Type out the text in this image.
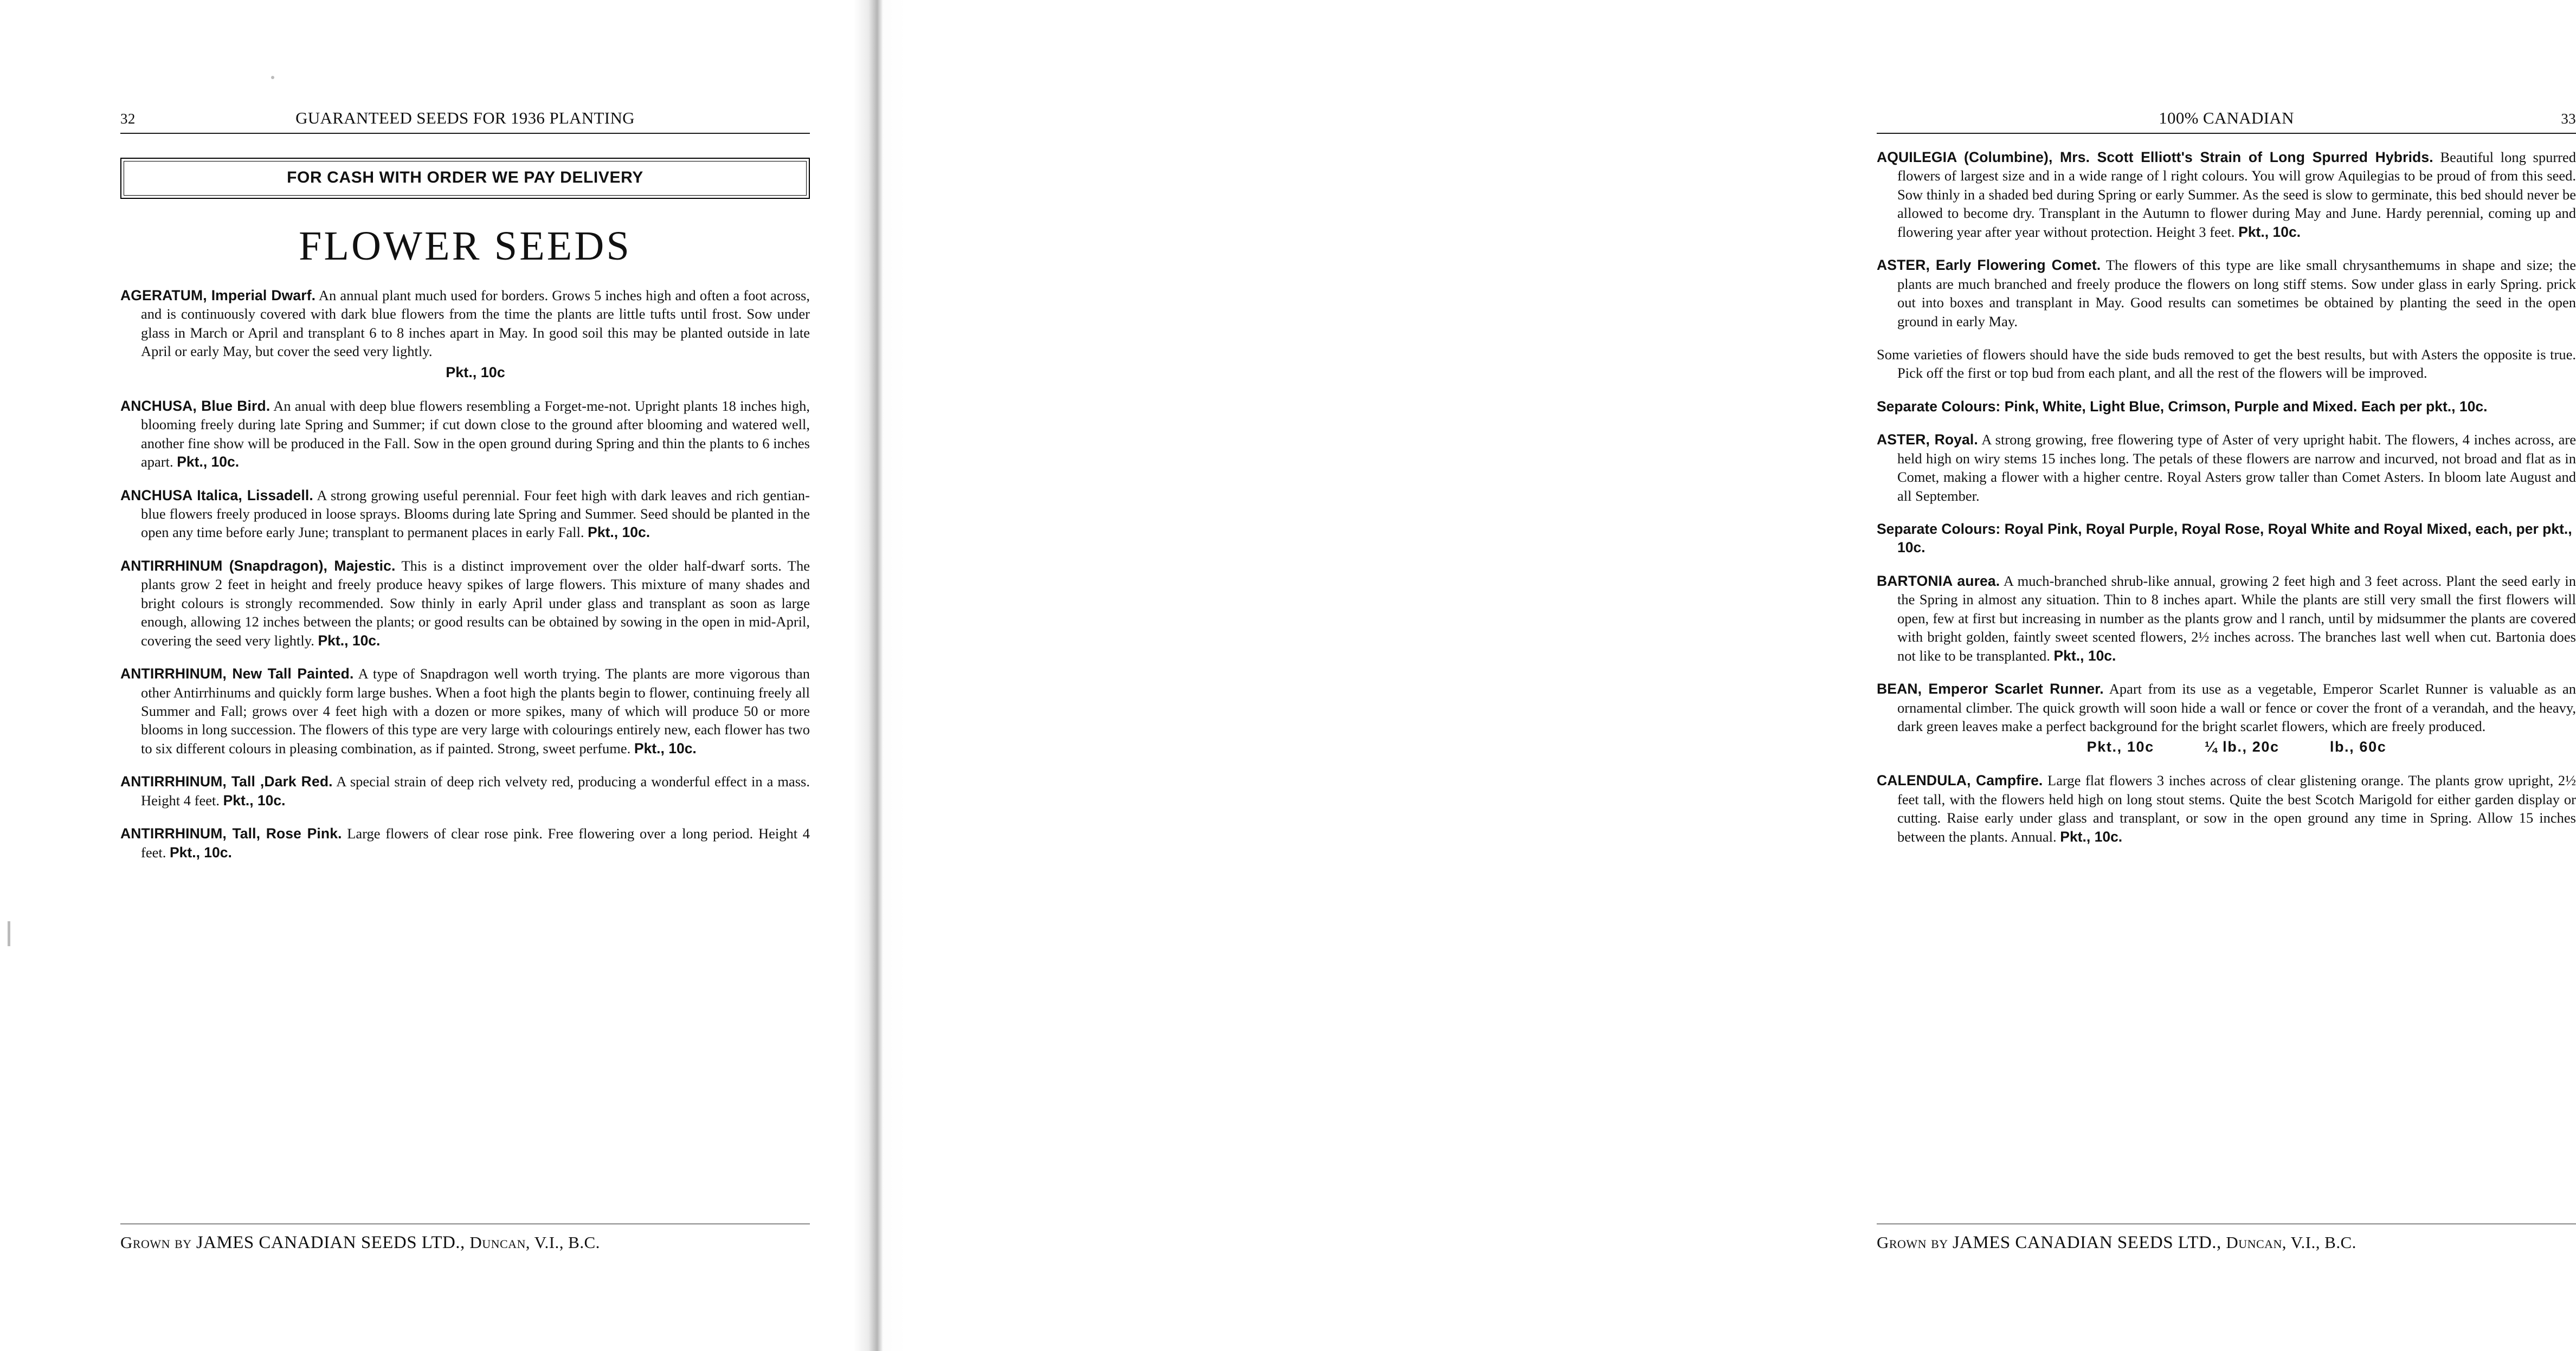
32	GUARANTEED SEEDS FOR 1936 PLANTING
FOR CASH WITH ORDER WE PAY DELIVERY
FLOWER SEEDS
AGERATUM, Imperial Dwarf. An annual plant much used for borders. Grows 5 inches high and often a foot across, and is continuously covered with dark blue flowers from the time the plants are little tufts until frost. Sow under glass in March or April and transplant 6 to 8 inches apart in May. In good soil this may be planted outside in late April or early May, but cover the seed very lightly.
Pkt., 10c
ANCHUSA, Blue Bird. An anual with deep blue flowers resembling a Forget-me-not. Upright plants 18 inches high, blooming freely during late Spring and Summer; if cut down close to the ground after blooming and watered well, another fine show will be produced in the Fall. Sow in the open ground during Spring and thin the plants to 6 inches apart. Pkt., 10c.
ANCHUSA Italica, Lissadell. A strong growing useful perennial. Four feet high with dark leaves and rich gentian-blue flowers freely produced in loose sprays. Blooms during late Spring and Summer. Seed should be planted in the open any time before early June; transplant to permanent places in early Fall. Pkt., 10c.
ANTIRRHINUM (Snapdragon), Majestic. This is a distinct improvement over the older half-dwarf sorts. The plants grow 2 feet in height and freely produce heavy spikes of large flowers. This mixture of many shades and bright colours is strongly recommended. Sow thinly in early April under glass and transplant as soon as large enough, allowing 12 inches between the plants; or good results can be obtained by sowing in the open in mid-April, covering the seed very lightly. Pkt., 10c.
ANTIRRHINUM, New Tall Painted. A type of Snapdragon well worth trying. The plants are more vigorous than other Antirrhinums and quickly form large bushes. When a foot high the plants begin to flower, continuing freely all Summer and Fall; grows over 4 feet high with a dozen or more spikes, many of which will produce 50 or more blooms in long succession. The flowers of this type are very large with colourings entirely new, each flower has two to six different colours in pleasing combination, as if painted. Strong, sweet perfume. Pkt., 10c.
ANTIRRHINUM, Tall ,Dark Red. A special strain of deep rich velvety red, producing a wonderful effect in a mass. Height 4 feet. Pkt., 10c.
ANTIRRHINUM, Tall, Rose Pink. Large flowers of clear rose pink. Free flowering over a long period. Height 4 feet. Pkt., 10c.
Grown by JAMES CANADIAN SEEDS LTD., Duncan, V.I., B.C.
100% CANADIAN	33
AQUILEGIA (Columbine), Mrs. Scott Elliott's Strain of Long Spurred Hybrids. Beautiful long spurred flowers of largest size and in a wide range of l right colours. You will grow Aquilegias to be proud of from this seed. Sow thinly in a shaded bed during Spring or early Summer. As the seed is slow to germinate, this bed should never be allowed to become dry. Transplant in the Autumn to flower during May and June. Hardy perennial, coming up and flowering year after year without protection. Height 3 feet. Pkt., 10c.
ASTER, Early Flowering Comet. The flowers of this type are like small chrysanthemums in shape and size; the plants are much branched and freely produce the flowers on long stiff stems. Sow under glass in early Spring. prick out into boxes and transplant in May. Good results can sometimes be obtained by planting the seed in the open ground in early May.
Some varieties of flowers should have the side buds removed to get the best results, but with Asters the opposite is true. Pick off the first or top bud from each plant, and all the rest of the flowers will be improved.
Separate Colours: Pink, White, Light Blue, Crimson, Purple and Mixed. Each per pkt., 10c.
ASTER, Royal. A strong growing, free flowering type of Aster of very upright habit. The flowers, 4 inches across, are held high on wiry stems 15 inches long. The petals of these flowers are narrow and incurved, not broad and flat as in Comet, making a flower with a higher centre. Royal Asters grow taller than Comet Asters. In bloom late August and all September.
Separate Colours: Royal Pink, Royal Purple, Royal Rose, Royal White and Royal Mixed, each, per pkt., 10c.
BARTONIA aurea. A much-branched shrub-like annual, growing 2 feet high and 3 feet across. Plant the seed early in the Spring in almost any situation. Thin to 8 inches apart. While the plants are still very small the first flowers will open, few at first but increasing in number as the plants grow and l ranch, until by midsummer the plants are covered with bright golden, faintly sweet scented flowers, 2½ inches across. The branches last well when cut. Bartonia does not like to be transplanted. Pkt., 10c.
BEAN, Emperor Scarlet Runner. Apart from its use as a vegetable, Emperor Scarlet Runner is valuable as an ornamental climber. The quick growth will soon hide a wall or fence or cover the front of a verandah, and the heavy, dark green leaves make a perfect background for the bright scarlet flowers, which are freely produced.
Pkt., 10c	¼ lb., 20c	lb., 60c
CALENDULA, Campfire. Large flat flowers 3 inches across of clear glistening orange. The plants grow upright, 2½ feet tall, with the flowers held high on long stout stems. Quite the best Scotch Marigold for either garden display or cutting. Raise early under glass and transplant, or sow in the open ground any time in Spring. Allow 15 inches between the plants. Annual. Pkt., 10c.
Grown by JAMES CANADIAN SEEDS LTD., Duncan, V.I., B.C.
